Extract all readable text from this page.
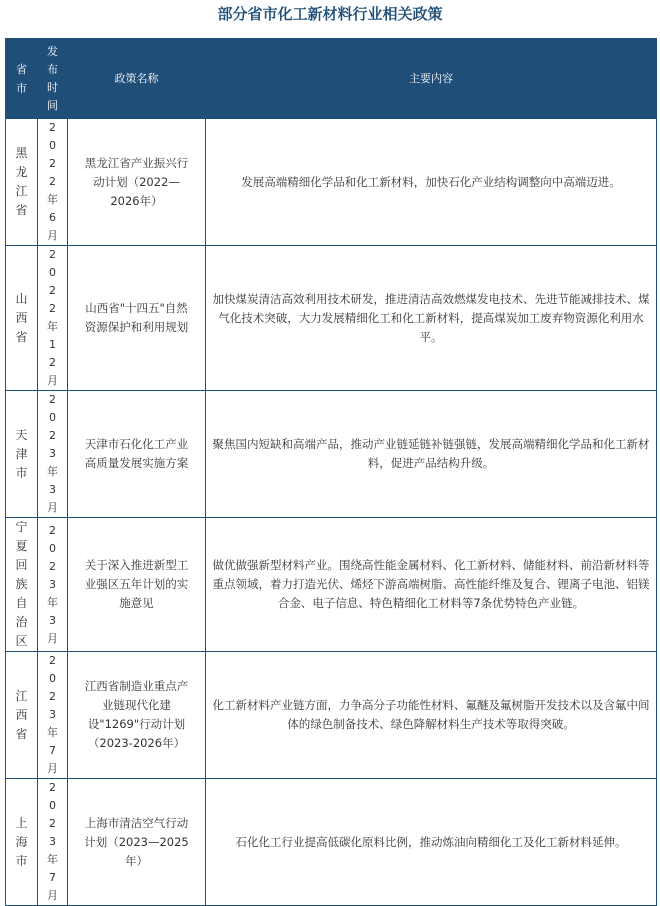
部分省市化工新材料行业相关政策
省市	发布时间	政策名称	主要内容

黑龙江省	2022年6月	黑龙江省产业振兴行动计划（2022—2026年）	发展高端精细化学品和化工新材料，加快石化产业结构调整向中高端迈进。

山西省	2022年12月	山西省"十四五"自然资源保护和利用规划	加快煤炭清洁高效利用技术研发，推进清洁高效燃煤发电技术、先进节能减排技术、煤气化技术突破，大力发展精细化工和化工新材料，提高煤炭加工废弃物资源化利用水平。

天津市	2023年3月	天津市石化化工产业高质量发展实施方案	聚焦国内短缺和高端产品，推动产业链延链补链强链，发展高端精细化学品和化工新材料，促进产品结构升级。

宁夏回族自治区	2023年3月	关于深入推进新型工业强区五年计划的实施意见	做优做强新型材料产业。围绕高性能金属材料、化工新材料、储能材料、前沿新材料等重点领域，着力打造光伏、烯烃下游高端树脂、高性能纤维及复合、锂离子电池、铝镁合金、电子信息、特色精细化工材料等7条优势特色产业链。

江西省	2023年7月	江西省制造业重点产业链现代化建设"1269"行动计划（2023-2026年）	化工新材料产业链方面，力争高分子功能性材料、氟醚及氟树脂开发技术以及含氟中间体的绿色制备技术、绿色降解材料生产技术等取得突破。

上海市	2023年7月	上海市清洁空气行动计划（2023—2025年）	石化化工行业提高低碳化原料比例，推动炼油向精细化工及化工新材料延伸。
